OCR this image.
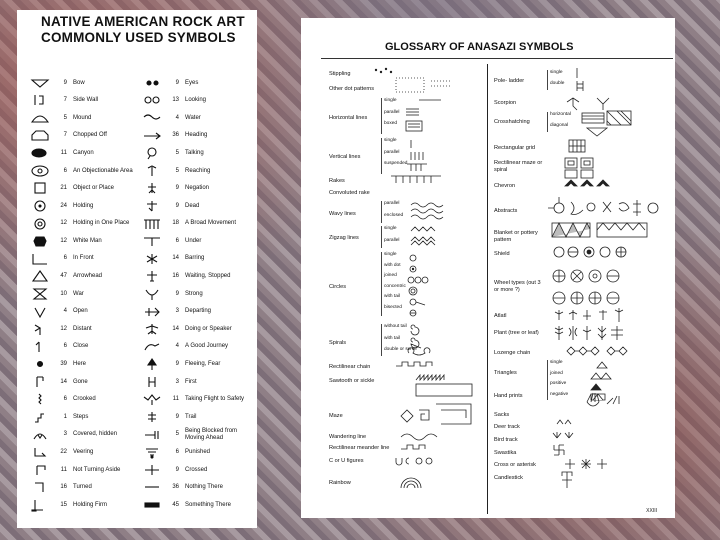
NATIVE AMERICAN ROCK ART
COMMONLY USED SYMBOLS
9 Bow	9 Eyes
7 Side Wall	13 Looking
5 Mound	4 Water
7 Chopped Off	36 Heading
11 Canyon	5 Talking
6 An Objectionable Area	5 Reaching
21 Object or Place	9 Negation
24 Holding	9 Dead
12 Holding in One Place	18 A Broad Movement
12 White Man	6 Under
6 In Front	14 Barring
47 Arrowhead	16 Waiting, Stopped
10 War	9 Strong
4 Open	3 Departing
12 Distant	14 Doing or Speaker
6 Close	4 A Good Journey
39 Here	9 Fleeing, Fear
14 Gone	3 First
6 Crooked	11 Taking Flight to Safety
1 Steps	9 Trail
3 Covered, hidden	5
Being Blocked from Moving Ahead
22 Veering	6 Punished
11 Not Turning Aside	9 Crossed
16 Turned	36 Nothing There
15 Holding Firm	45 Something There
GLOSSARY OF ANASAZI SYMBOLS
Stippling
Other dot patterns
Horizontal lines
single
parallel
boxed
Vertical lines
single
parallel
suspended
Rakes
Convoluted rake
Wavy lines
parallel
enclosed
Zigzag lines
single
parallel
Circles
single
with dot
joined
concentric
with tail
bisected
Spirals
without tail
with tail
double or scroll
Rectilinear chain
Sawtooth or sickle
Maze
Wandering line
Rectilinear meander line
C or U figures
Rainbow
Pole- ladder
single
double
Scorpion
Crosshatching
horizontal
diagonal
Rectangular grid
Rectilinear maze or spiral
Chevron
Abstracts
Blanket or pottery pattern
Shield
Wheel types (out 3 or more ?)
Atlatl
Plant (tree or leaf)
Lozenge chain
Triangles
single
joined
positive
negative
Hand prints
Sacks
Deer track
Bird track
Swastika
Cross or asterisk
Candlestick
XXIII
